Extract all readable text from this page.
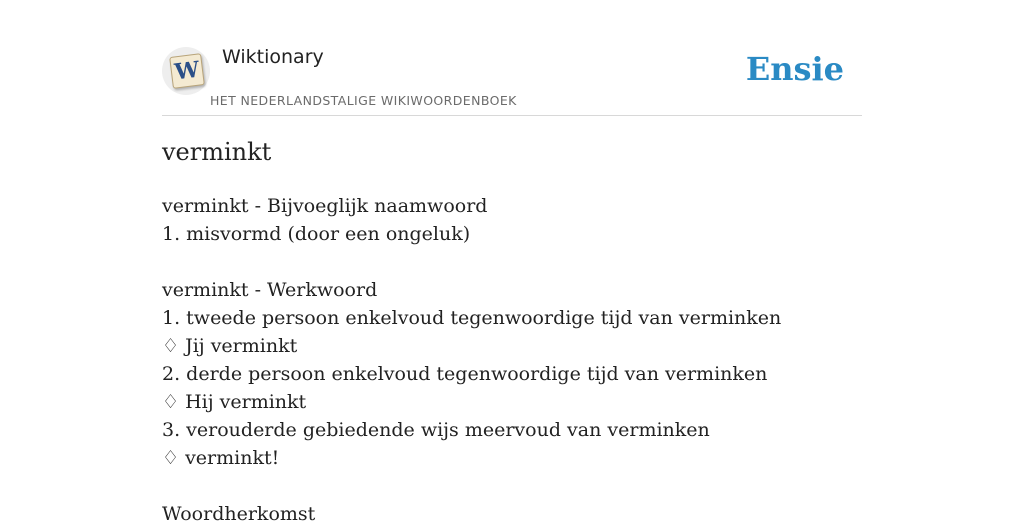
W Wiktionary
HET NEDERLANDSTALIGE WIKIWOORDENBOEK
Ensie
verminkt
verminkt - Bijvoeglijk naamwoord
1. misvormd (door een ongeluk)
verminkt - Werkwoord
1. tweede persoon enkelvoud tegenwoordige tijd van verminken
♢ Jij verminkt
2. derde persoon enkelvoud tegenwoordige tijd van verminken
♢ Hij verminkt
3. verouderde gebiedende wijs meervoud van verminken
♢ verminkt!
Woordherkomst
